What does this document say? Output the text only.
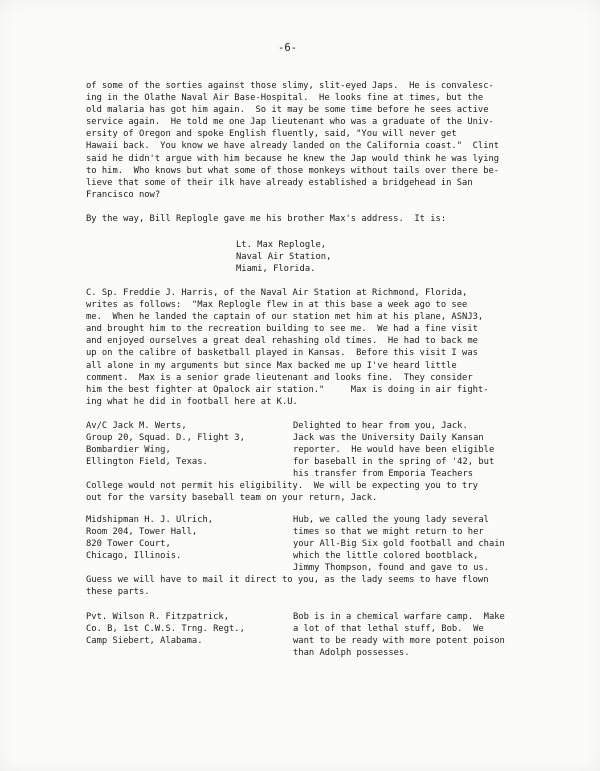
-6-
of some of the sorties against those slimy, slit-eyed Japs.  He is convalesc-
ing in the Olathe Naval Air Base-Hospital.  He looks fine at times, but the
old malaria has got him again.  So it may be some time before he sees active
service again.  He told me one Jap lieutenant who was a graduate of the Univ-
ersity of Oregon and spoke English fluently, said, "You will never get
Hawaii back.  You know we have already landed on the California coast."  Clint
said he didn't argue with him because he knew the Jap would think he was lying
to him.  Who knows but what some of those monkeys without tails over there be-
lieve that some of their ilk have already established a bridgehead in San
Francisco now?
By the way, Bill Replogle gave me his brother Max's address.  It is:
Lt. Max Replogle,
Naval Air Station,
Miami, Florida.
C. Sp. Freddie J. Harris, of the Naval Air Station at Richmond, Florida,
writes as follows:  "Max Replogle flew in at this base a week ago to see
me.  When he landed the captain of our station met him at his plane, ASNJ3,
and brought him to the recreation building to see me.  We had a fine visit
and enjoyed ourselves a great deal rehashing old times.  He had to back me
up on the calibre of basketball played in Kansas.  Before this visit I was
all alone in my arguments but since Max backed me up I've heard little
comment.  Max is a senior grade lieutenant and looks fine.  They consider
him the best fighter at Opalock air station."     Max is doing in air fight-
ing what he did in football here at K.U.
Av/C Jack M. Werts,
Group 20, Squad. D., Flight 3,
Bombardier Wing,
Ellington Field, Texas.
Delighted to hear from you, Jack.
Jack was the University Daily Kansan
reporter.  He would have been eligible
for baseball in the spring of '42, but
his transfer from Emporia Teachers
College would not permit his eligibility.  We will be expecting you to try
out for the varsity baseball team on your return, Jack.
Midshipman H. J. Ulrich,
Room 204, Tower Hall,
820 Tower Court,
Chicago, Illinois.
Hub, we called the young lady several
times so that we might return to her
your All-Big Six gold football and chain
which the little colored bootblack,
Jimmy Thompson, found and gave to us.
Guess we will have to mail it direct to you, as the lady seems to have flown
these parts.
Pvt. Wilson R. Fitzpatrick,
Co. B, 1st C.W.S. Trng. Regt.,
Camp Siebert, Alabama.
Bob is in a chemical warfare camp.  Make
a lot of that lethal stuff, Bob.  We
want to be ready with more potent poison
than Adolph possesses.
